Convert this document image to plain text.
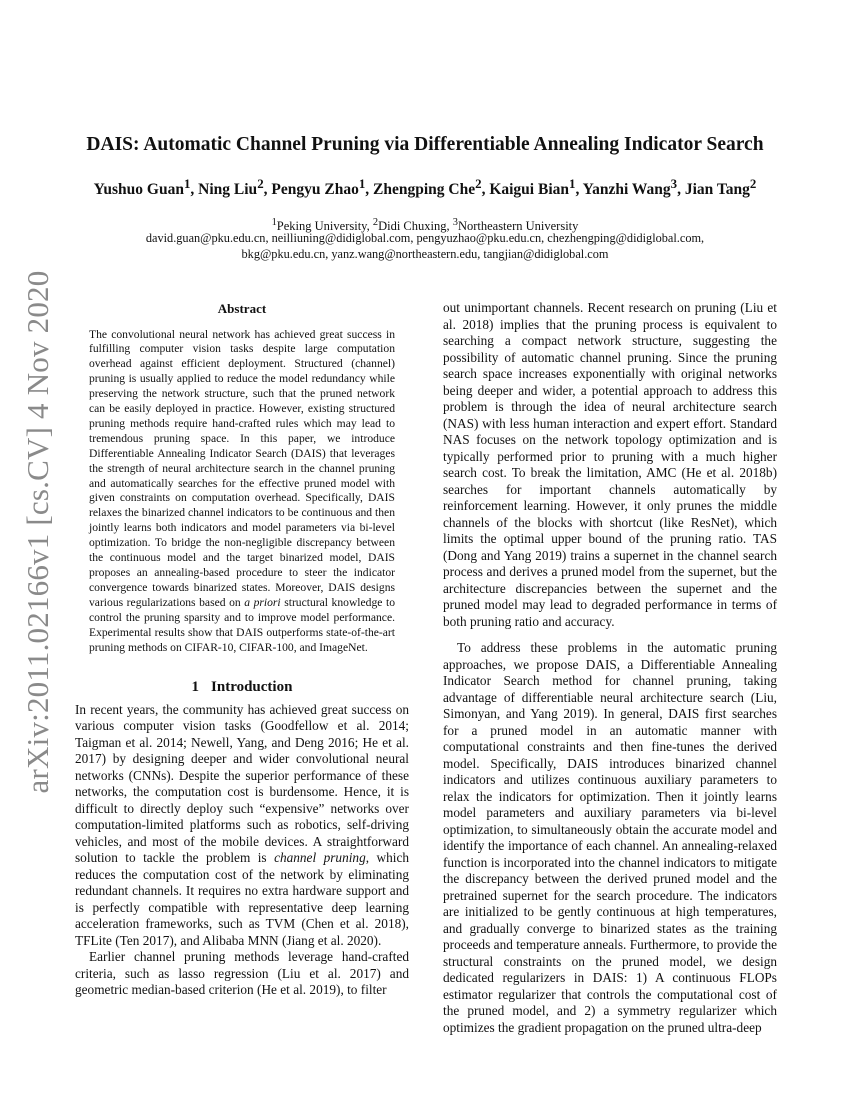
arXiv:2011.02166v1 [cs.CV] 4 Nov 2020
DAIS: Automatic Channel Pruning via Differentiable Annealing Indicator Search
Yushuo Guan$^1$, Ning Liu$^2$, Pengyu Zhao$^1$, Zhengping Che$^2$, Kaigui Bian$^1$, Yanzhi Wang$^3$, Jian Tang$^2$
$^1$Peking University, $^2$Didi Chuxing, $^3$Northeastern University
david.guan@pku.edu.cn, neilliuning@didiglobal.com, pengyuzhao@pku.edu.cn, chezhengping@didiglobal.com,
bkg@pku.edu.cn, yanz.wang@northeastern.edu, tangjian@didiglobal.com
Abstract

The convolutional neural network has achieved great success in fulfilling computer vision tasks despite large computation overhead against efficient deployment. Structured (channel) pruning is usually applied to reduce the model redundancy while preserving the network structure, such that the pruned network can be easily deployed in practice. However, existing structured pruning methods require hand-crafted rules which may lead to tremendous pruning space. In this paper, we introduce Differentiable Annealing Indicator Search (DAIS) that leverages the strength of neural architecture search in the channel pruning and automatically searches for the effective pruned model with given constraints on computation overhead. Specifically, DAIS relaxes the binarized channel indicators to be continuous and then jointly learns both indicators and model parameters via bi-level optimization. To bridge the non-negligible discrepancy between the continuous model and the target binarized model, DAIS proposes an annealing-based procedure to steer the indicator convergence towards binarized states. Moreover, DAIS designs various regularizations based on a priori structural knowledge to control the pruning sparsity and to improve model performance. Experimental results show that DAIS outperforms state-of-the-art pruning methods on CIFAR-10, CIFAR-100, and ImageNet.

1 Introduction

In recent years, the community has achieved great success on various computer vision tasks (Goodfellow et al. 2014; Taigman et al. 2014; Newell, Yang, and Deng 2016; He et al. 2017) by designing deeper and wider convolutional neural networks (CNNs). Despite the superior performance of these networks, the computation cost is burdensome. Hence, it is difficult to directly deploy such “expensive” networks over computation-limited platforms such as robotics, self-driving vehicles, and most of the mobile devices. A straightforward solution to tackle the problem is channel pruning, which reduces the computation cost of the network by eliminating redundant channels. It requires no extra hardware support and is perfectly compatible with representative deep learning acceleration frameworks, such as TVM (Chen et al. 2018), TFLite (Ten 2017), and Alibaba MNN (Jiang et al. 2020).

Earlier channel pruning methods leverage hand-crafted criteria, such as lasso regression (Liu et al. 2017) and geometric median-based criterion (He et al. 2019), to filter

out unimportant channels. Recent research on pruning (Liu et al. 2018) implies that the pruning process is equivalent to searching a compact network structure, suggesting the possibility of automatic channel pruning. Since the pruning search space increases exponentially with original networks being deeper and wider, a potential approach to address this problem is through the idea of neural architecture search (NAS) with less human interaction and expert effort. Standard NAS focuses on the network topology optimization and is typically performed prior to pruning with a much higher search cost. To break the limitation, AMC (He et al. 2018b) searches for important channels automatically by reinforcement learning. However, it only prunes the middle channels of the blocks with shortcut (like ResNet), which limits the optimal upper bound of the pruning ratio. TAS (Dong and Yang 2019) trains a supernet in the channel search process and derives a pruned model from the supernet, but the architecture discrepancies between the supernet and the pruned model may lead to degraded performance in terms of both pruning ratio and accuracy.

To address these problems in the automatic pruning approaches, we propose DAIS, a Differentiable Annealing Indicator Search method for channel pruning, taking advantage of differentiable neural architecture search (Liu, Simonyan, and Yang 2019). In general, DAIS first searches for a pruned model in an automatic manner with computational constraints and then fine-tunes the derived model. Specifically, DAIS introduces binarized channel indicators and utilizes continuous auxiliary parameters to relax the indicators for optimization. Then it jointly learns model parameters and auxiliary parameters via bi-level optimization, to simultaneously obtain the accurate model and identify the importance of each channel. An annealing-relaxed function is incorporated into the channel indicators to mitigate the discrepancy between the derived pruned model and the pretrained supernet for the search procedure. The indicators are initialized to be gently continuous at high temperatures, and gradually converge to binarized states as the training proceeds and temperature anneals. Furthermore, to provide the structural constraints on the pruned model, we design dedicated regularizers in DAIS: 1) A continuous FLOPs estimator regularizer that controls the computational cost of the pruned model, and 2) a symmetry regularizer which optimizes the gradient propagation on the pruned ultra-deep
